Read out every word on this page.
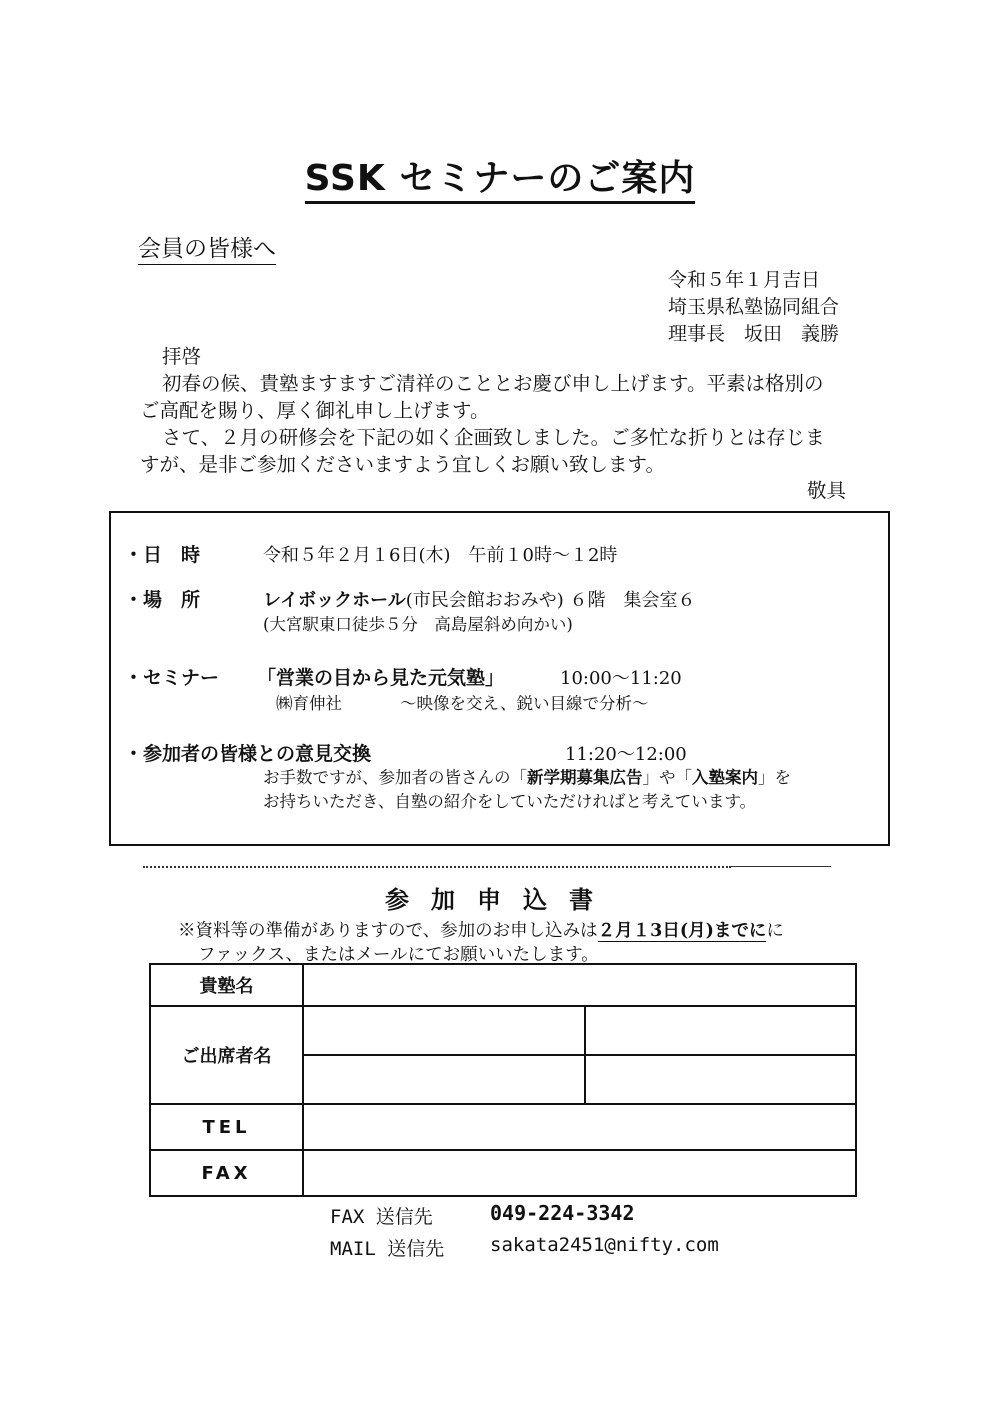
SSK セミナーのご案内
会員の皆様へ
令和５年１月吉日
埼玉県私塾協同組合
理事長　坂田　義勝
拝啓
初春の候、貴塾ますますご清祥のこととお慶び申し上げます。平素は格別の
ご高配を賜り、厚く御礼申し上げます。
さて、２月の研修会を下記の如く企画致しました。ご多忙な折りとは存じま
すが、是非ご参加くださいますよう宜しくお願い致します。
敬具
・日　時	令和５年２月１6日(木)　午前１0時〜１2時
・場　所	レイボックホール(市民会館おおみや) ６階　集会室６
(大宮駅東口徒歩５分　高島屋斜め向かい)
・セミナー 「営業の目から見た元気塾」	10:00〜11:20
㈱育伸社	〜映像を交え、鋭い目線で分析〜
・参加者の皆様との意見交換	11:20〜12:00
お手数ですが、参加者の皆さんの「新学期募集広告」や「入塾案内」を
お持ちいただき、自塾の紹介をしていただければと考えています。
参加申込書
※資料等の準備がありますので、参加のお申し込みは２月１3日(月)までにに
ファックス、またはメールにてお願いいたします。
貴塾名		
ご出席者名		

TEL		
FAX		
FAX 送信先	049-224-3342
MAIL 送信先 sakata2451@nifty.com
